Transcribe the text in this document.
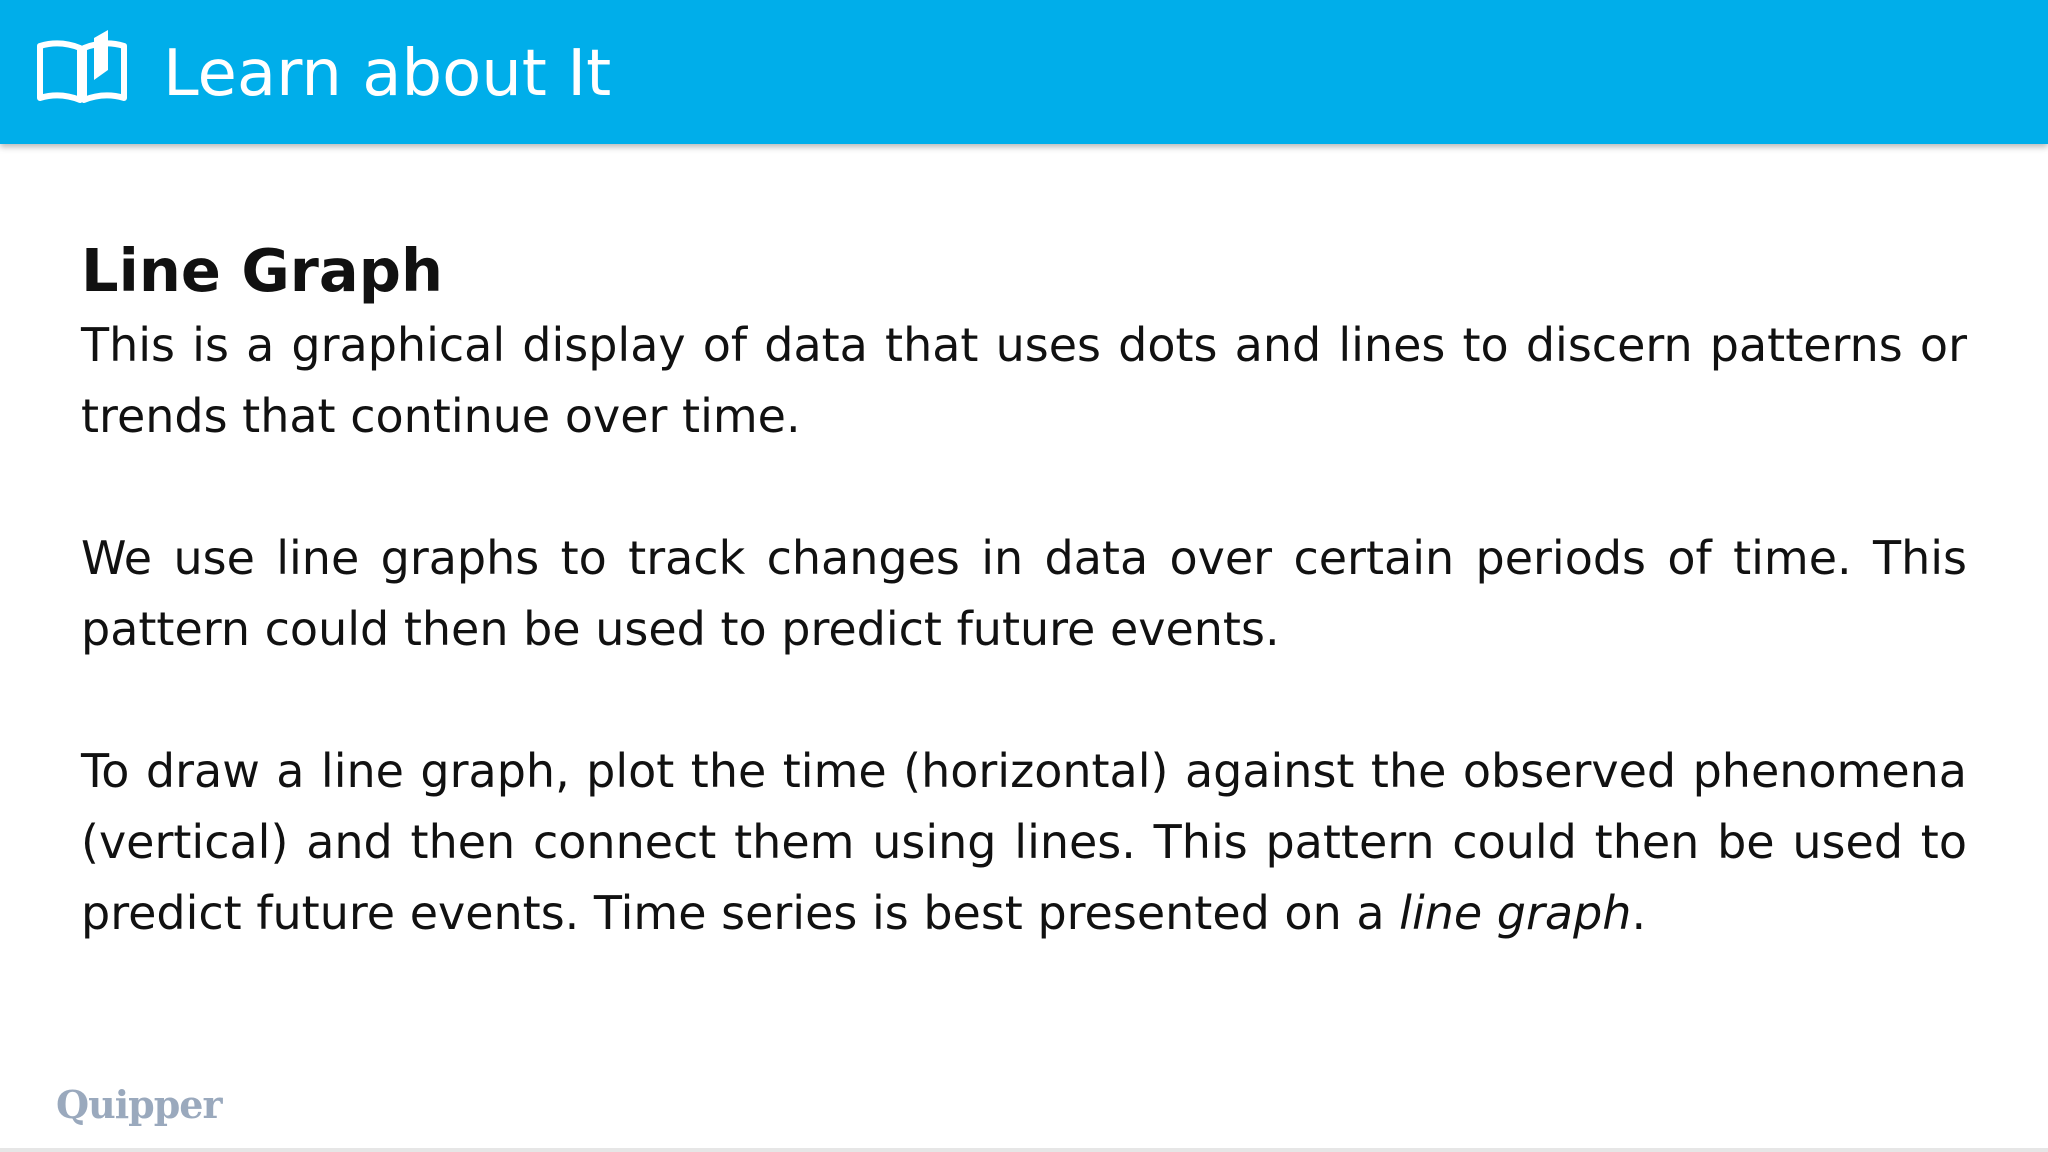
Learn about It
Line Graph

This is a graphical display of data that uses dots and lines to discern patterns or trends that continue over time.

We use line graphs to track changes in data over certain periods of time. This pattern could then be used to predict future events.

To draw a line graph, plot the time (horizontal) against the observed phenomena (vertical) and then connect them using lines. This pattern could then be used to predict future events. Time series is best presented on a line graph.

Quipper
